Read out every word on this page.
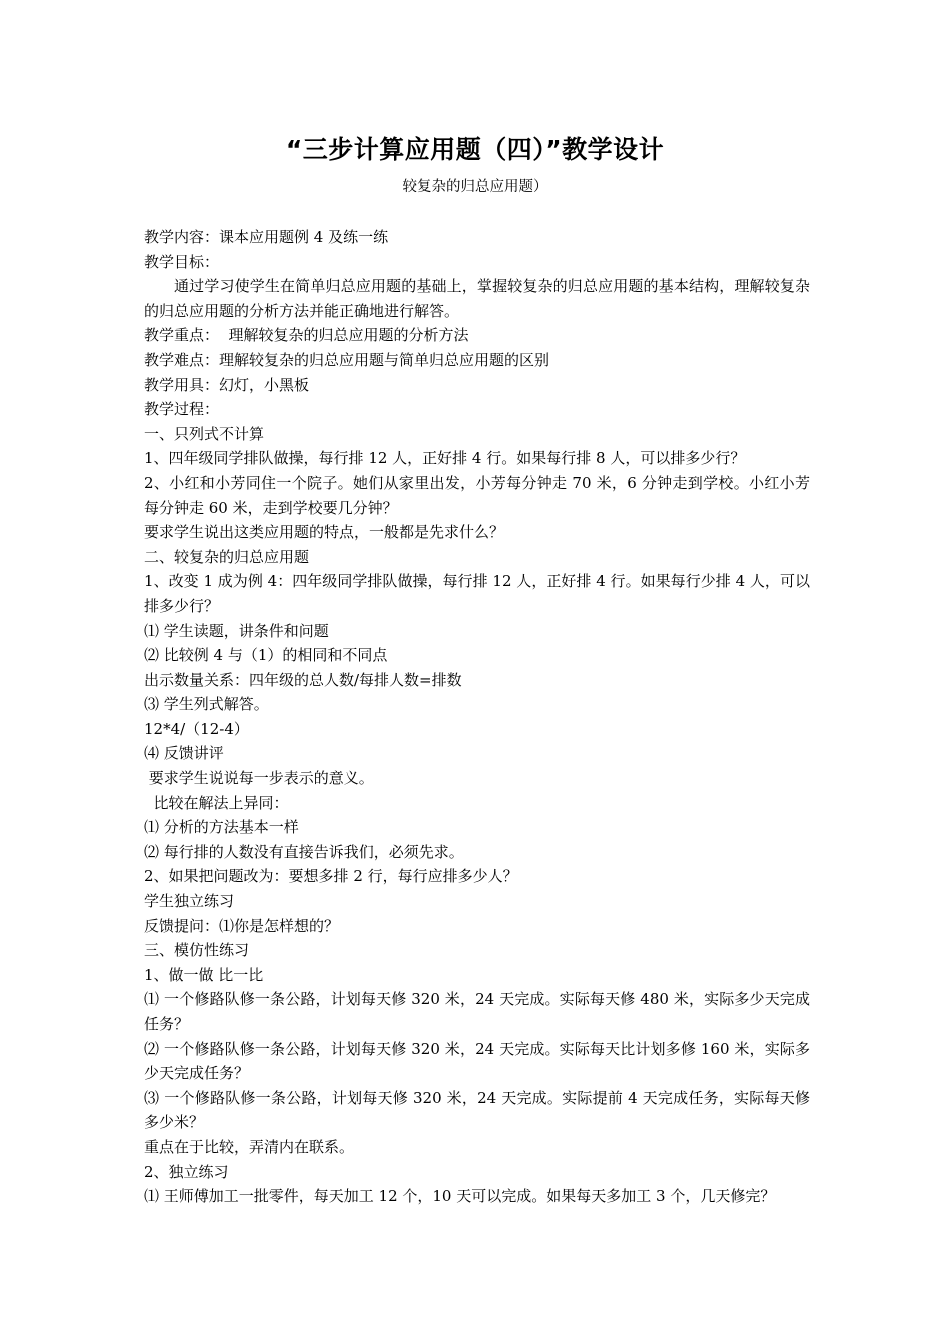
“三步计算应用题（四）”教学设计

较复杂的归总应用题）

教学内容：课本应用题例 4 及练一练

教学目标：

通过学习使学生在简单归总应用题的基础上，掌握较复杂的归总应用题的基本结构，理解较复杂的归总应用题的分析方法并能正确地进行解答。

教学重点：  理解较复杂的归总应用题的分析方法

教学难点：理解较复杂的归总应用题与简单归总应用题的区别

教学用具：幻灯，小黑板

教学过程：

一、只列式不计算

1、四年级同学排队做操，每行排 12 人，正好排 4 行。如果每行排 8 人，可以排多少行？

2、小红和小芳同住一个院子。她们从家里出发，小芳每分钟走 70 米，6 分钟走到学校。小红小芳每分钟走 60 米，走到学校要几分钟？

要求学生说出这类应用题的特点，一般都是先求什么？

二、较复杂的归总应用题

1、改变 1 成为例 4：四年级同学排队做操，每行排 12 人，正好排 4 行。如果每行少排 4 人，可以排多少行？

⑴ 学生读题，讲条件和问题

⑵ 比较例 4 与（1）的相同和不同点

出示数量关系：四年级的总人数/每排人数=排数

⑶ 学生列式解答。

12*4/（12-4）

⑷ 反馈讲评

要求学生说说每一步表示的意义。

比较在解法上异同：

⑴ 分析的方法基本一样

⑵ 每行排的人数没有直接告诉我们，必须先求。

2、如果把问题改为：要想多排 2 行，每行应排多少人？

学生独立练习

反馈提问：⑴你是怎样想的？

三、模仿性练习

1、做一做 比一比

⑴ 一个修路队修一条公路，计划每天修 320 米，24 天完成。实际每天修 480 米，实际多少天完成任务？

⑵ 一个修路队修一条公路，计划每天修 320 米，24 天完成。实际每天比计划多修 160 米，实际多少天完成任务？

⑶ 一个修路队修一条公路，计划每天修 320 米，24 天完成。实际提前 4 天完成任务，实际每天修多少米？

重点在于比较，弄清内在联系。

2、独立练习

⑴ 王师傅加工一批零件，每天加工 12 个，10 天可以完成。如果每天多加工 3 个，几天修完？
